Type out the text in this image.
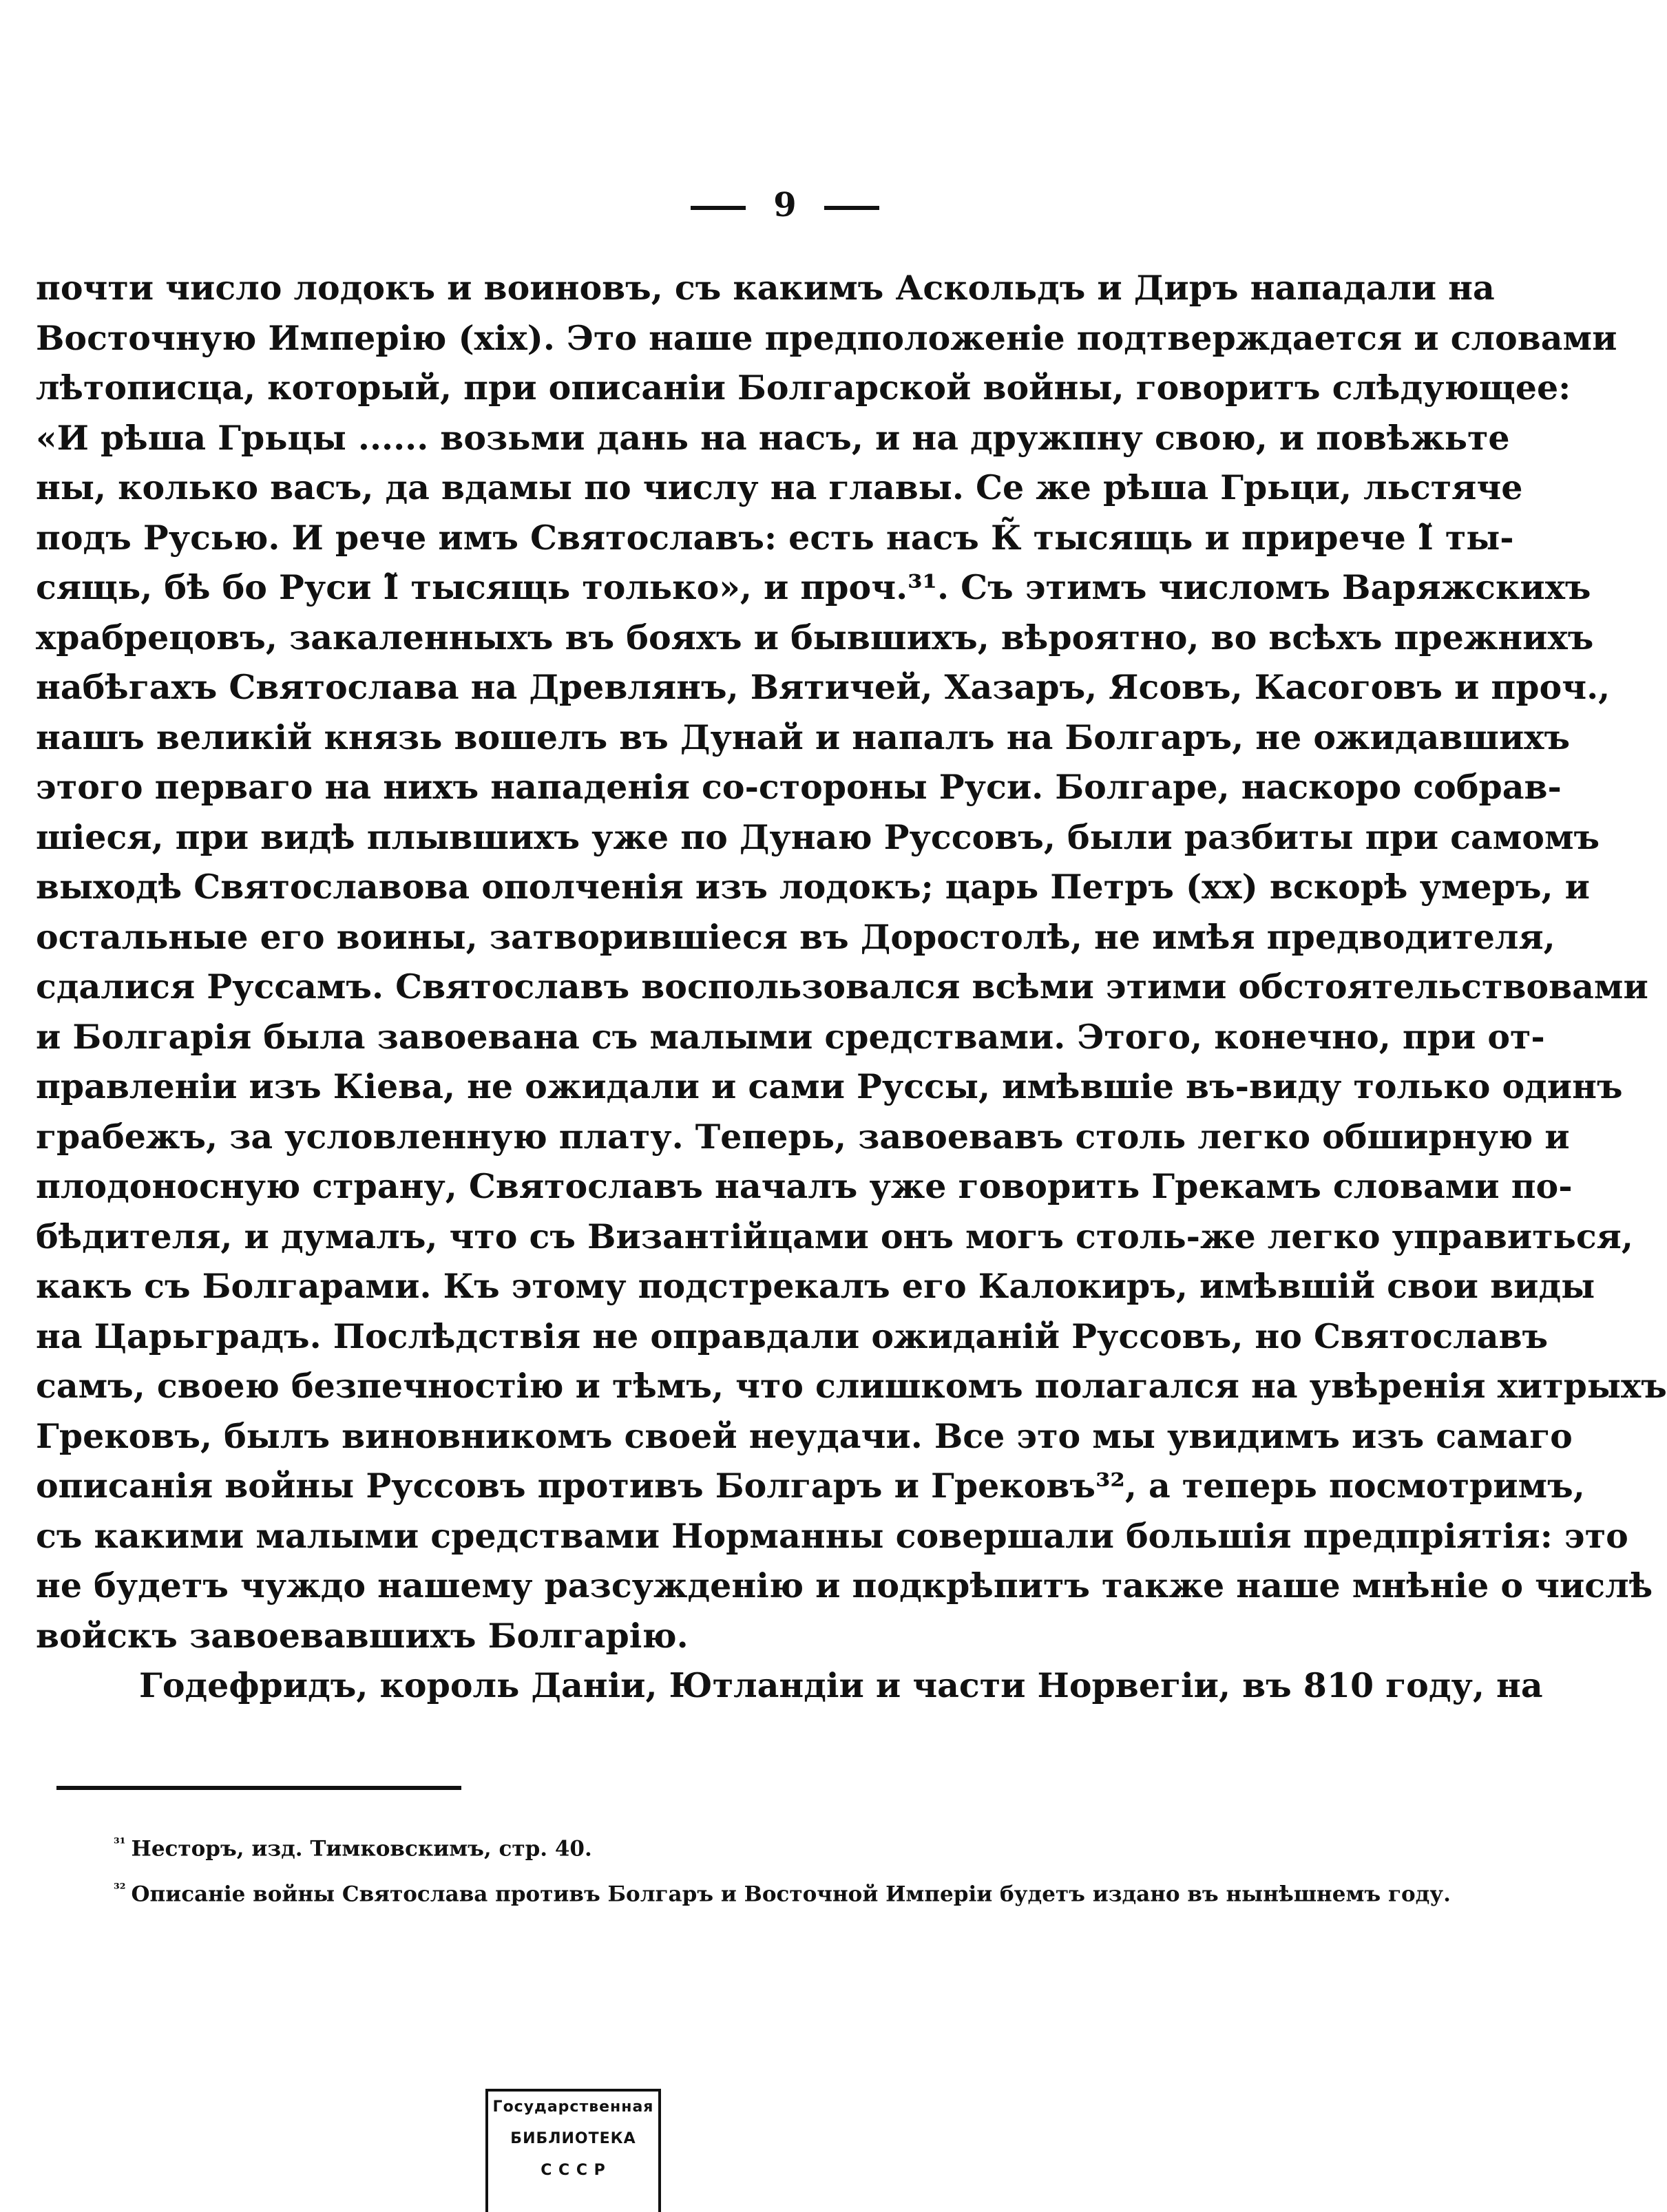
9
почти число лодокъ и воиновъ, съ какимъ Аскольдъ и Диръ нападали на
Восточную Имперію (xix). Это наше предположеніе подтверждается и словами
лѣтописца, который, при описаніи Болгарской войны, говоритъ слѣдующее:
«И рѣша Грьцы ...... возьми дань на насъ, и на дружпну свою, и повѣжьте
ны, колько васъ, да вдамы по числу на главы. Се же рѣша Грьци, льстяче
подъ Русью. И рече имъ Святославъ: есть насъ К̃ тысящь и прирече Ӏ̃ ты-
сящь, бѣ бо Руси Ӏ̃ тысящь только», и проч.³¹. Съ этимъ числомъ Варяжскихъ
храбрецовъ, закаленныхъ въ бояхъ и бывшихъ, вѣроятно, во всѣхъ прежнихъ
набѣгахъ Святослава на Древлянъ, Вятичей, Хазаръ, Ясовъ, Касоговъ и проч.,
нашъ великій князь вошелъ въ Дунай и напалъ на Болгаръ, не ожидавшихъ
этого перваго на нихъ нападенія со-стороны Руси. Болгаре, наскоро собрав-
шіеся, при видѣ плывшихъ уже по Дунаю Руссовъ, были разбиты при самомъ
выходѣ Святославова ополченія изъ лодокъ; царь Петръ (xx) вскорѣ умеръ, и
остальные его воины, затворившіеся въ Доростолѣ, не имѣя предводителя,
сдалися Руссамъ. Святославъ воспользовался всѣми этими обстоятельствовами
и Болгарія была завоевана съ малыми средствами. Этого, конечно, при от-
правленіи изъ Кіева, не ожидали и сами Руссы, имѣвшіе въ-виду только одинъ
грабежъ, за условленную плату. Теперь, завоевавъ столь легко обширную и
плодоносную страну, Святославъ началъ уже говорить Грекамъ словами по-
бѣдителя, и думалъ, что съ Византійцами онъ могъ столь-же легко управиться,
какъ съ Болгарами. Къ этому подстрекалъ его Калокиръ, имѣвшій свои виды
на Царьградъ. Послѣдствія не оправдали ожиданій Руссовъ, но Святославъ
самъ, своею безпечностію и тѣмъ, что слишкомъ полагался на увѣренія хитрыхъ
Грековъ, былъ виновникомъ своей неудачи. Все это мы увидимъ изъ самаго
описанія войны Руссовъ противъ Болгаръ и Грековъ³², а теперь посмотримъ,
съ какими малыми средствами Норманны совершали большія предпріятія: это
не будетъ чуждо нашему разсужденію и подкрѣпитъ также наше мнѣніе о числѣ
войскъ завоевавшихъ Болгарію.
Годефридъ, король Даніи, Ютландіи и части Норвегіи, въ 810 году, на
$^{^{31}}$ Несторъ, изд. Тимковскимъ, стр. 40.
$^{^{32}}$ Описаніе войны Святослава противъ Болгаръ и Восточной Имперіи будетъ издано въ нынѣшнемъ году.
Государственная
БИБЛИОТЕКА
С С С Р
